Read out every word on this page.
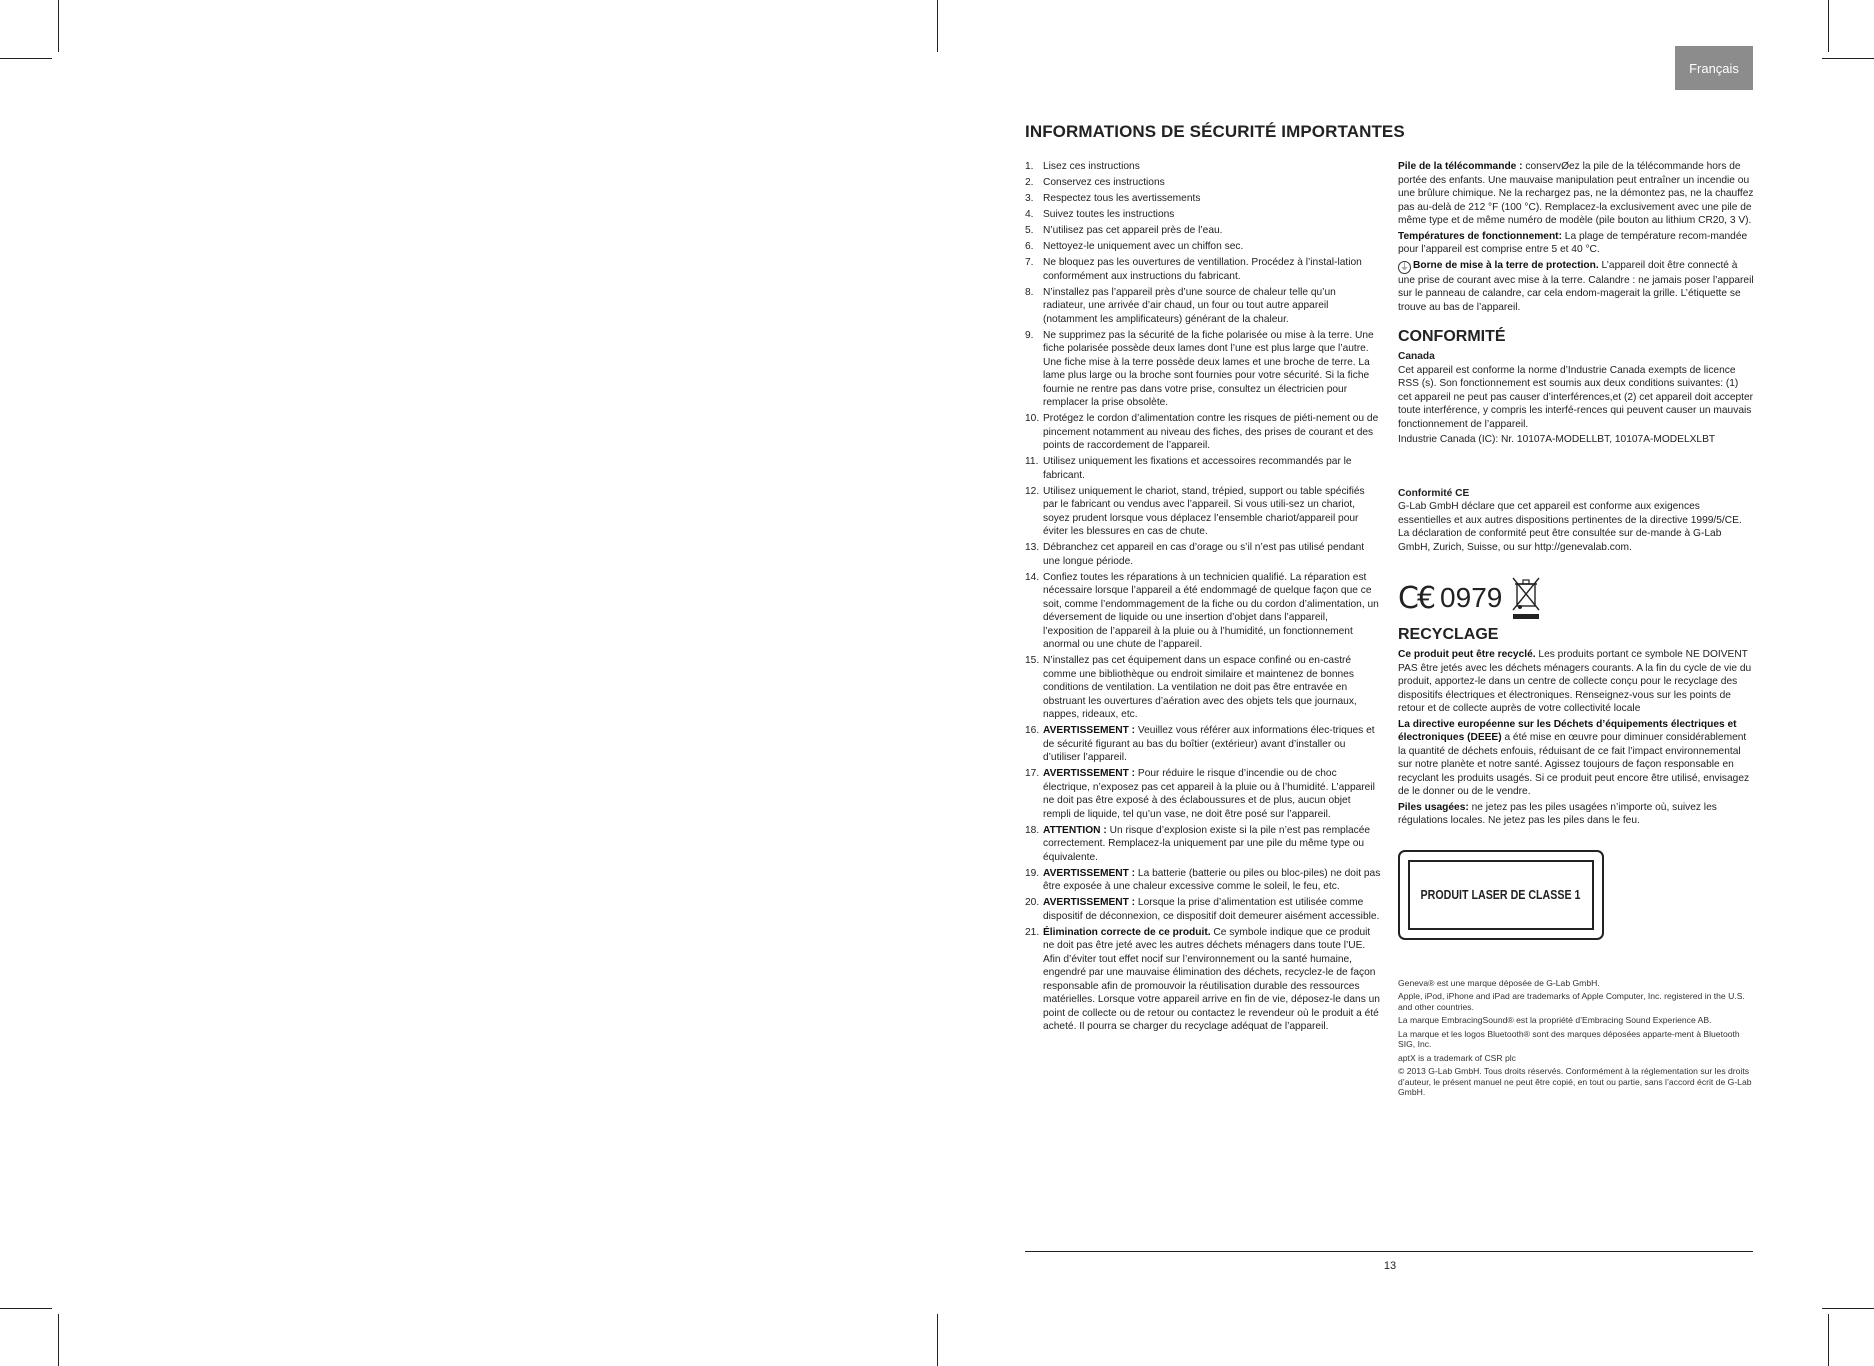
Français
INFORMATIONS DE SÉCURITÉ IMPORTANTES
1. Lisez ces instructions
2. Conservez ces instructions
3. Respectez tous les avertissements
4. Suivez toutes les instructions
5. N’utilisez pas cet appareil près de l’eau.
6. Nettoyez-le uniquement avec un chiffon sec.
7. Ne bloquez pas les ouvertures de ventillation. Procédez à l’instal-lation conformément aux instructions du fabricant.
8. N’installez pas l’appareil près d’une source de chaleur telle qu’un radiateur, une arrivée d’air chaud, un four ou tout autre appareil (notamment les amplificateurs) générant de la chaleur.
9. Ne supprimez pas la sécurité de la fiche polarisée ou mise à la terre. Une fiche polarisée possède deux lames dont l’une est plus large que l’autre. Une fiche mise à la terre possède deux lames et une broche de terre. La lame plus large ou la broche sont fournies pour votre sécurité. Si la fiche fournie ne rentre pas dans votre prise, consultez un électricien pour remplacer la prise obsolète.
10. Protégez le cordon d’alimentation contre les risques de piéti-nement ou de pincement notamment au niveau des fiches, des prises de courant et des points de raccordement de l’appareil.
11. Utilisez uniquement les fixations et accessoires recommandés par le fabricant.
12. Utilisez uniquement le chariot, stand, trépied, support ou table spécifiés par le fabricant ou vendus avec l’appareil. Si vous utili-sez un chariot, soyez prudent lorsque vous déplacez l’ensemble chariot/appareil pour éviter les blessures en cas de chute.
13. Débranchez cet appareil en cas d’orage ou s’il n’est pas utilisé pendant une longue période.
14. Confiez toutes les réparations à un technicien qualifié. La réparation est nécessaire lorsque l’appareil a été endommagé de quelque façon que ce soit, comme l’endommagement de la fiche ou du cordon d’alimentation, un déversement de liquide ou une insertion d’objet dans l’appareil, l’exposition de l’appareil à la pluie ou à l’humidité, un fonctionnement anormal ou une chute de l’appareil.
15. N’installez pas cet équipement dans un espace confiné ou en-castré comme une bibliothèque ou endroit similaire et maintenez de bonnes conditions de ventilation. La ventilation ne doit pas être entravée en obstruant les ouvertures d’aération avec des objets tels que journaux, nappes, rideaux, etc.
16. AVERTISSEMENT : Veuillez vous référer aux informations élec-triques et de sécurité figurant au bas du boîtier (extérieur) avant d’installer ou d’utiliser l’appareil.
17. AVERTISSEMENT : Pour réduire le risque d’incendie ou de choc électrique, n’exposez pas cet appareil à la pluie ou à l’humidité. L’appareil ne doit pas être exposé à des éclaboussures et de plus, aucun objet rempli de liquide, tel qu’un vase, ne doit être posé sur l’appareil.
18. ATTENTION : Un risque d’explosion existe si la pile n’est pas remplacée correctement. Remplacez-la uniquement par une pile du même type ou équivalente.
19. AVERTISSEMENT : La batterie (batterie ou piles ou bloc-piles) ne doit pas être exposée à une chaleur excessive comme le soleil, le feu, etc.
20. AVERTISSEMENT : Lorsque la prise d’alimentation est utilisée comme dispositif de déconnexion, ce dispositif doit demeurer aisément accessible.
21. Élimination correcte de ce produit. Ce symbole indique que ce produit ne doit pas être jeté avec les autres déchets ménagers dans toute l’UE. Afin d’éviter tout effet nocif sur l’environnement ou la santé humaine, engendré par une mauvaise élimination des déchets, recyclez-le de façon responsable afin de promouvoir la réutilisation durable des ressources matérielles. Lorsque votre appareil arrive en fin de vie, déposez-le dans un point de collecte ou de retour ou contactez le revendeur où le produit a été acheté. Il pourra se charger du recyclage adéquat de l’appareil.

Pile de la télécommande : conservØez la pile de la télécommande hors de portée des enfants. Une mauvaise manipulation peut entraîner un incendie ou une brûlure chimique. Ne la rechargez pas, ne la démontez pas, ne la chauffez pas au-delà de 212 °F (100 °C). Remplacez-la exclusivement avec une pile de même type et de même numéro de modèle (pile bouton au lithium CR20, 3 V).

Températures de fonctionnement: La plage de température recom-mandée pour l’appareil est comprise entre 5 et 40 °C.

⏚ Borne de mise à la terre de protection. L’appareil doit être connecté à une prise de courant avec mise à la terre. Calandre : ne jamais poser l’appareil sur le panneau de calandre, car cela endom-magerait la grille. L’étiquette se trouve au bas de l’appareil.

CONFORMITÉ
Canada

Cet appareil est conforme la norme d’Industrie Canada exempts de licence RSS (s). Son fonctionnement est soumis aux deux conditions suivantes: (1) cet appareil ne peut pas causer d’interférences,et (2) cet appareil doit accepter toute interférence, y compris les interfé-rences qui peuvent causer un mauvais fonctionnement de l’appareil.

Industrie Canada (IC): Nr. 10107A-MODELLBT, 10107A-MODELXLBT

Conformité CE

G-Lab GmbH déclare que cet appareil est conforme aux exigences essentielles et aux autres dispositions pertinentes de la directive 1999/5/CE. La déclaration de conformité peut être consultée sur de-mande à G-Lab GmbH, Zurich, Suisse, ou sur http://genevalab.com.

C€ 0979
RECYCLAGE

Ce produit peut être recyclé. Les produits portant ce symbole NE DOIVENT PAS être jetés avec les déchets ménagers courants. A la fin du cycle de vie du produit, apportez-le dans un centre de collecte conçu pour le recyclage des dispositifs électriques et électroniques. Renseignez-vous sur les points de retour et de collecte auprès de votre collectivité locale

La directive européenne sur les Déchets d’équipements électriques et électroniques (DEEE) a été mise en œuvre pour diminuer considérablement la quantité de déchets enfouis, réduisant de ce fait l’impact environnemental sur notre planète et notre santé. Agissez toujours de façon responsable en recyclant les produits usagés. Si ce produit peut encore être utilisé, envisagez de le donner ou de le vendre.

Piles usagées: ne jetez pas les piles usagées n’importe où, suivez les régulations locales. Ne jetez pas les piles dans le feu.

PRODUIT LASER DE CLASSE 1

Geneva® est une marque déposée de G-Lab GmbH.

Apple, iPod, iPhone and iPad are trademarks of Apple Computer, Inc. registered in the U.S. and other countries.

La marque EmbracingSound® est la propriété d’Embracing Sound Experience AB.

La marque et les logos Bluetooth® sont des marques déposées apparte-ment à Bluetooth SIG, Inc.

aptX is a trademark of CSR plc

© 2013 G-Lab GmbH. Tous droits réservés. Conformément à la réglementation sur les droits d’auteur, le présent manuel ne peut être copié, en tout ou partie, sans l’accord écrit de G-Lab GmbH.

13
